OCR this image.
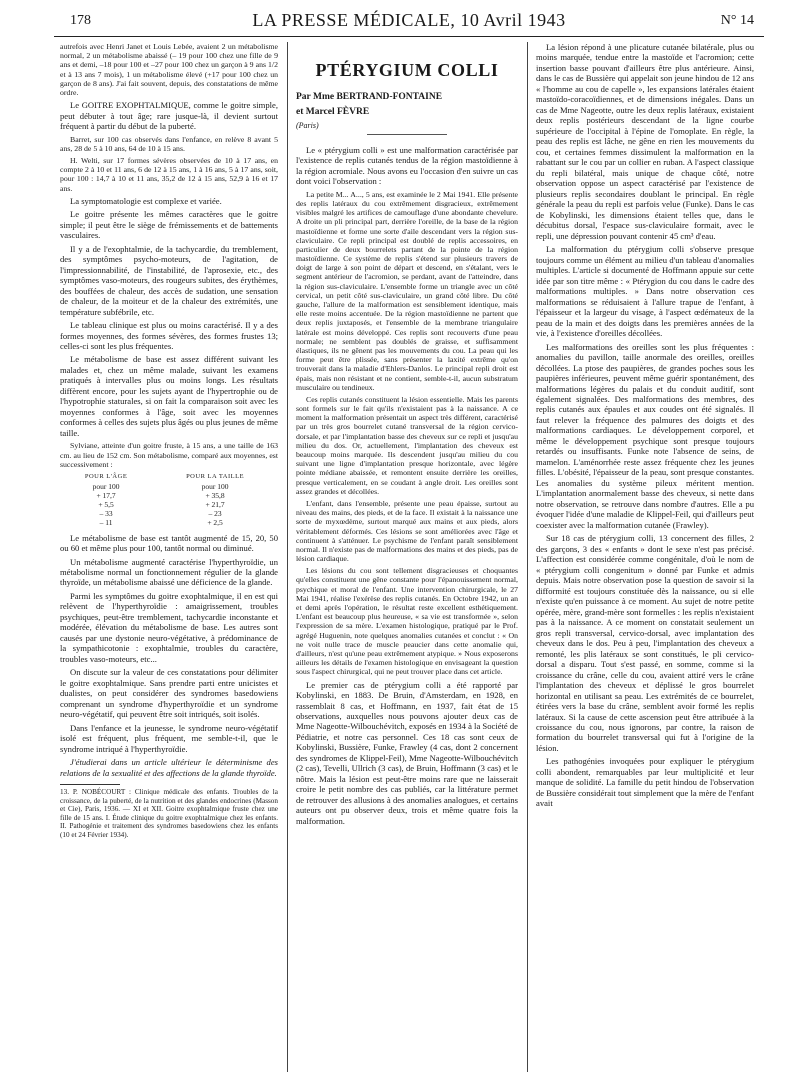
178	LA PRESSE MÉDICALE, 10 Avril 1943	N° 14

autrefois avec Henri Janet et Louis Lebée, avaient 2 un métabolisme normal, 2 un métabolisme abaissé (– 19 pour 100 chez une fille de 9 ans et demi, –18 pour 100 et –27 pour 100 chez un garçon à 9 ans 1/2 et à 13 ans 7 mois), 1 un métabolisme élevé (+17 pour 100 chez un garçon de 8 ans). J'ai fait souvent, depuis, des constatations de même ordre.

Le GOITRE EXOPHTALMIQUE, comme le goitre simple, peut débuter à tout âge; rare jusque-là, il devient surtout fréquent à partir du début de la puberté.

Barret, sur 100 cas observés dans l'enfance, en relève 8 avant 5 ans, 28 de 5 à 10 ans, 64 de 10 à 15 ans.

H. Welti, sur 17 formes sévères observées de 10 à 17 ans, en compte 2 à 10 et 11 ans, 6 de 12 à 15 ans, 1 à 16 ans, 5 à 17 ans, soit, pour 100 : 14,7 à 10 et 11 ans, 35,2 de 12 à 15 ans, 52,9 à 16 et 17 ans.

La symptomatologie est complexe et variée.

Le goitre présente les mêmes caractères que le goitre simple; il peut être le siège de frémissements et de battements vasculaires.

Il y a de l'exophtalmie, de la tachycardie, du tremblement, des symptômes psycho-moteurs, de l'agitation, de l'impressionnabilité, de l'instabilité, de l'aprosexie, etc., des symptômes vaso-moteurs, des rougeurs subites, des érythèmes, des bouffées de chaleur, des accès de sudation, une sensation de chaleur, de la moiteur et de la chaleur des extrémités, une température subfébrile, etc.

Le tableau clinique est plus ou moins caractérisé. Il y a des formes moyennes, des formes sévères, des formes frustes 13; celles-ci sont les plus fréquentes.

Le métabolisme de base est assez différent suivant les malades et, chez un même malade, suivant les examens pratiqués à intervalles plus ou moins longs. Les résultats diffèrent encore, pour les sujets ayant de l'hypertrophie ou de l'hypotrophie staturales, si on fait la comparaison soit avec les moyennes conformes à l'âge, soit avec les moyennes conformes à celles des sujets plus âgés ou plus jeunes de même taille.

Sylviane, atteinte d'un goitre fruste, à 15 ans, a une taille de 163 cm. au lieu de 152 cm. Son métabolisme, comparé aux moyennes, est successivement :

POUR L'ÂGE	POUR LA TAILLE
pour 100	pour 100
+ 17,7	+ 35,8
+ 5,5	+ 21,7
– 33	– 23
– 11	+ 2,5

Le métabolisme de base est tantôt augmenté de 15, 20, 50 ou 60 et même plus pour 100, tantôt normal ou diminué.

Un métabolisme augmenté caractérise l'hyperthyroïdie, un métabolisme normal un fonctionnement régulier de la glande thyroïde, un métabolisme abaissé une déficience de la glande.

Parmi les symptômes du goitre exophtalmique, il en est qui relèvent de l'hyperthyroïdie : amaigrissement, troubles psychiques, peut-être tremblement, tachycardie inconstante et modérée, élévation du métabolisme de base. Les autres sont causés par une dystonie neuro-végétative, à prédominance de la sympathicotonie : exophtalmie, troubles du caractère, troubles vaso-moteurs, etc...

On discute sur la valeur de ces constatations pour délimiter le goitre exophtalmique. Sans prendre parti entre unicistes et dualistes, on peut considérer des syndromes basedowiens comprenant un syndrome d'hyperthyroïdie et un syndrome neuro-végétatif, qui peuvent être soit intriqués, soit isolés.

Dans l'enfance et la jeunesse, le syndrome neuro-végétatif isolé est fréquent, plus fréquent, me semble-t-il, que le syndrome intriqué à l'hyperthyroïdie.

J'étudierai dans un article ultérieur le déterminisme des relations de la sexualité et des affections de la glande thyroïde.

13. P. NOBÉCOURT : Clinique médicale des enfants. Troubles de la croissance, de la puberté, de la nutrition et des glandes endocrines (Masson et Cie), Paris, 1936. — XI et XII. Goitre exophtalmique fruste chez une fille de 15 ans. I. Étude clinique du goitre exophtalmique chez les enfants. II. Pathogénie et traitement des syndromes basedowiens chez les enfants (10 et 24 Février 1934).

PTÉRYGIUM COLLI

Par Mme BERTRAND-FONTAINE

et Marcel FÈVRE

(Paris)

Le « ptérygium colli » est une malformation caractérisée par l'existence de replis cutanés tendus de la région mastoïdienne à la région acromiale. Nous avons eu l'occasion d'en suivre un cas dont voici l'observation :

La petite M... A..., 5 ans, est examinée le 2 Mai 1941. Elle présente des replis latéraux du cou extrêmement disgracieux, extrêmement visibles malgré les artifices de camouflage d'une abondante chevelure. A droite un pli principal part, derrière l'oreille, de la base de la région mastoïdienne et forme une sorte d'aile descendant vers la région sus-claviculaire. Ce repli principal est doublé de replis accessoires, en particulier de deux bourrelets partant de la pointe de la région mastoïdienne. Ce système de replis s'étend sur plusieurs travers de doigt de large à son point de départ et descend, en s'étalant, vers le segment antérieur de l'acromion, se perdant, avant de l'atteindre, dans la région sus-claviculaire. L'ensemble forme un triangle avec un côté cervical, un petit côté sus-claviculaire, un grand côté libre. Du côté gauche, l'allure de la malformation est sensiblement identique, mais elle reste moins accentuée. De la région mastoïdienne ne partent que deux replis juxtaposés, et l'ensemble de la membrane triangulaire latérale est moins développé. Ces replis sont recouverts d'une peau normale; ne semblent pas doublés de graisse, et suffisamment élastiques, ils ne gênent pas les mouvements du cou. La peau qui les forme peut être plissée, sans présenter la laxité extrême qu'on trouverait dans la maladie d'Ehlers-Danlos. Le principal repli droit est épais, mais non résistant et ne contient, semble-t-il, aucun substratum musculaire ou tendineux.

Ces replis cutanés constituent la lésion essentielle. Mais les parents sont formels sur le fait qu'ils n'existaient pas à la naissance. A ce moment la malformation présentait un aspect très différent, caractérisé par un très gros bourrelet cutané transversal de la région cervico-dorsale, et par l'implantation basse des cheveux sur ce repli et jusqu'au milieu du dos. Or, actuellement, l'implantation des cheveux est beaucoup moins marquée. Ils descendent jusqu'au milieu du cou suivant une ligne d'implantation presque horizontale, avec légère pointe médiane abaissée, et remontent ensuite derrière les oreilles, presque verticalement, en se coudant à angle droit. Les oreilles sont assez grandes et décollées.

L'enfant, dans l'ensemble, présente une peau épaisse, surtout au niveau des mains, des pieds, et de la face. Il existait à la naissance une sorte de myxœdème, surtout marqué aux mains et aux pieds, alors véritablement déformés. Ces lésions se sont améliorées avec l'âge et continuent à s'atténuer. Le psychisme de l'enfant paraît sensiblement normal. Il n'existe pas de malformations des mains et des pieds, pas de lésion cardiaque.

Les lésions du cou sont tellement disgracieuses et choquantes qu'elles constituent une gêne constante pour l'épanouissement normal, psychique et moral de l'enfant. Une intervention chirurgicale, le 27 Mai 1941, réalise l'exérèse des replis cutanés. En Octobre 1942, un an et demi après l'opération, le résultat reste excellent esthétiquement. L'enfant est beaucoup plus heureuse, « sa vie est transformée », selon l'expression de sa mère. L'examen histologique, pratiqué par le Prof. agrégé Huguenin, note quelques anomalies cutanées et conclut : « On ne voit nulle trace de muscle peaucier dans cette anomalie qui, d'ailleurs, n'est qu'une peau extrêmement atypique. » Nous exposerons ailleurs les détails de l'examen histologique en envisageant la question sous l'aspect chirurgical, qui ne peut trouver place dans cet article.

Le premier cas de ptérygium colli a été rapporté par Kobylinski, en 1883. De Bruin, d'Amsterdam, en 1928, en rassemblait 8 cas, et Hoffmann, en 1937, fait état de 15 observations, auxquelles nous pouvons ajouter deux cas de Mme Nageotte-Wilbouchévitch, exposés en 1934 à la Société de Pédiatrie, et notre cas personnel. Ces 18 cas sont ceux de Kobylinski, Bussière, Funke, Frawley (4 cas, dont 2 concernent des syndromes de Klippel-Feil), Mme Nageotte-Wilbouchévitch (2 cas), Tevelli, Ullrich (3 cas), de Bruin, Hoffmann (3 cas) et le nôtre. Mais la lésion est peut-être moins rare que ne laisserait croire le petit nombre des cas publiés, car la littérature permet de retrouver des allusions à des anomalies analogues, et certains auteurs ont pu observer deux, trois et même quatre fois la malformation.

La lésion répond à une plicature cutanée bilatérale, plus ou moins marquée, tendue entre la mastoïde et l'acromion; cette insertion basse pouvant d'ailleurs être plus antérieure. Ainsi, dans le cas de Bussière qui appelait son jeune hindou de 12 ans « l'homme au cou de capelle », les expansions latérales étaient mastoïdo-coracoïdiennes, et de dimensions inégales. Dans un cas de Mme Nageotte, outre les deux replis latéraux, existaient deux replis postérieurs descendant de la ligne courbe supérieure de l'occipital à l'épine de l'omoplate. En règle, la peau des replis est lâche, ne gêne en rien les mouvements du cou, et certaines femmes dissimulent la malformation en la rabattant sur le cou par un collier en ruban. A l'aspect classique du repli bilatéral, mais unique de chaque côté, notre observation oppose un aspect caractérisé par l'existence de plusieurs replis secondaires doublant le principal. En règle générale la peau du repli est parfois velue (Funke). Dans le cas de Kobylinski, les dimensions étaient telles que, dans le décubitus dorsal, l'espace sus-claviculaire formait, avec le repli, une dépression pouvant contenir 45 cm³ d'eau.

La malformation du ptérygium colli s'observe presque toujours comme un élément au milieu d'un tableau d'anomalies multiples. L'article si documenté de Hoffmann appuie sur cette idée par son titre même : « Ptérygion du cou dans le cadre des malformations multiples. » Dans notre observation ces malformations se réduisaient à l'allure trapue de l'enfant, à l'épaisseur et la largeur du visage, à l'aspect œdémateux de la peau de la main et des doigts dans les premières années de la vie, à l'existence d'oreilles décollées.

Les malformations des oreilles sont les plus fréquentes : anomalies du pavillon, taille anormale des oreilles, oreilles décollées. La ptose des paupières, de grandes poches sous les paupières inférieures, peuvent même guérir spontanément, des malformations légères du palais et du conduit auditif, sont également signalées. Des malformations des membres, des replis cutanés aux épaules et aux coudes ont été signalés. Il faut relever la fréquence des palmures des doigts et des malformations cardiaques. Le développement corporel, et même le développement psychique sont presque toujours retardés ou insuffisants. Funke note l'absence de seins, de mamelon. L'aménorrhée reste assez fréquente chez les jeunes filles. L'obésité, l'épaisseur de la peau, sont presque constantes. Les anomalies du système pileux méritent mention. L'implantation anormalement basse des cheveux, si nette dans notre observation, se retrouve dans nombre d'autres. Elle a pu évoquer l'idée d'une maladie de Klippel-Feil, qui d'ailleurs peut coexister avec la malformation cutanée (Frawley).

Sur 18 cas de ptérygium colli, 13 concernent des filles, 2 des garçons, 3 des « enfants » dont le sexe n'est pas précisé. L'affection est considérée comme congénitale, d'où le nom de « ptérygium colli congenitum » donné par Funke et admis depuis. Mais notre observation pose la question de savoir si la difformité est toujours constituée dès la naissance, ou si elle n'existe qu'en puissance à ce moment. Au sujet de notre petite opérée, mère, grand-mère sont formelles : les replis n'existaient pas à la naissance. A ce moment on constatait seulement un gros repli transversal, cervico-dorsal, avec implantation des cheveux dans le dos. Peu à peu, l'implantation des cheveux a remonté, les plis latéraux se sont constitués, le pli cervico-dorsal a disparu. Tout s'est passé, en somme, comme si la croissance du crâne, celle du cou, avaient attiré vers le crâne l'implantation des cheveux et déplissé le gros bourrelet horizontal en utilisant sa peau. Les extrémités de ce bourrelet, étirées vers la base du crâne, semblent avoir formé les replis latéraux. Si la cause de cette ascension peut être attribuée à la croissance du cou, nous ignorons, par contre, la raison de formation du bourrelet transversal qui fut à l'origine de la lésion.

Les pathogénies invoquées pour expliquer le ptérygium colli abondent, remarquables par leur multiplicité et leur manque de solidité. La famille du petit hindou de l'observation de Bussière considérait tout simplement que la mère de l'enfant avait
